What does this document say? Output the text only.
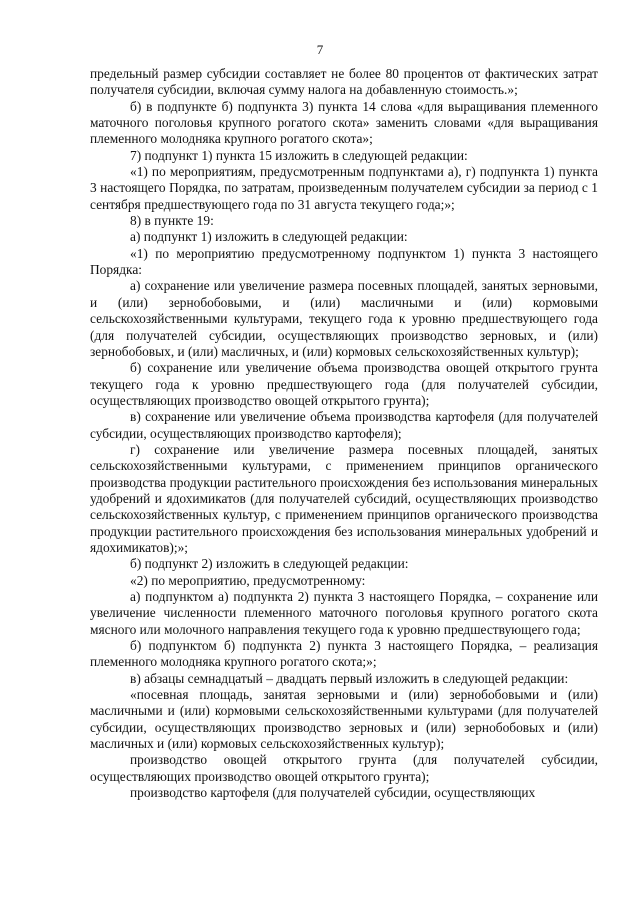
7

предельный размер субсидии составляет не более 80 процентов от фактических затрат получателя субсидии, включая сумму налога на добавленную стоимость.»;

б) в подпункте б) подпункта 3) пункта 14 слова «для выращивания племенного маточного поголовья крупного рогатого скота» заменить словами «для выращивания племенного молодняка крупного рогатого скота»;

7) подпункт 1) пункта 15 изложить в следующей редакции:

«1) по мероприятиям, предусмотренным подпунктами а), г) подпункта 1) пункта 3 настоящего Порядка, по затратам, произведенным получателем субсидии за период с 1 сентября предшествующего года по 31 августа текущего года;»;

8) в пункте 19:

а) подпункт 1) изложить в следующей редакции:

«1) по мероприятию предусмотренному подпунктом 1) пункта 3 настоящего Порядка:

а) сохранение или увеличение размера посевных площадей, занятых зерновыми, и (или) зернобобовыми, и (или) масличными и (или) кормовыми сельскохозяйственными культурами, текущего года к уровню предшествующего года (для получателей субсидии, осуществляющих производство зерновых, и (или) зернобобовых, и (или) масличных, и (или) кормовых сельскохозяйственных культур);

б) сохранение или увеличение объема производства овощей открытого грунта текущего года к уровню предшествующего года (для получателей субсидии, осуществляющих производство овощей открытого грунта);

в) сохранение или увеличение объема производства картофеля (для получателей субсидии, осуществляющих производство картофеля);

г) сохранение или увеличение размера посевных площадей, занятых сельскохозяйственными культурами, с применением принципов органического производства продукции растительного происхождения без использования минеральных удобрений и ядохимикатов (для получателей субсидий, осуществляющих производство сельскохозяйственных культур, с применением принципов органического производства продукции растительного происхождения без использования минеральных удобрений и ядохимикатов);»;

б) подпункт 2) изложить в следующей редакции:

«2) по мероприятию, предусмотренному:

а) подпунктом а) подпункта 2) пункта 3 настоящего Порядка, – сохранение или увеличение численности племенного маточного поголовья крупного рогатого скота мясного или молочного направления текущего года к уровню предшествующего года;

б) подпунктом б) подпункта 2) пункта 3 настоящего Порядка, – реализация племенного молодняка крупного рогатого скота;»;

в) абзацы семнадцатый – двадцать первый изложить в следующей редакции:

«посевная площадь, занятая зерновыми и (или) зернобобовыми и (или) масличными и (или) кормовыми сельскохозяйственными культурами (для получателей субсидии, осуществляющих производство зерновых и (или) зернобобовых и (или) масличных и (или) кормовых сельскохозяйственных культур);

производство овощей открытого грунта (для получателей субсидии, осуществляющих производство овощей открытого грунта);

производство картофеля (для получателей субсидии, осуществляющих
